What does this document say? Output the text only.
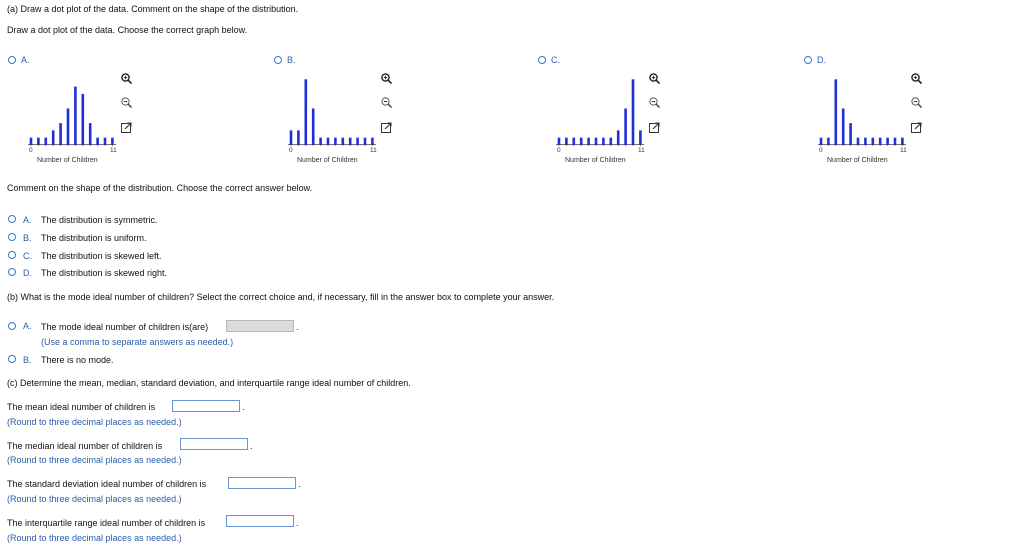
(a) Draw a dot plot of the data. Comment on the shape of the distribution.
Draw a dot plot of the data. Choose the correct graph below.
A.
0	11
Number of Children
B.
0	11
Number of Children
C.
0	11
Number of Children
D.
0	11
Number of Children
Comment on the shape of the distribution. Choose the correct answer below.
A. The distribution is symmetric.
B. The distribution is uniform.
C. The distribution is skewed left.
D. The distribution is skewed right.
(b) What is the mode ideal number of children? Select the correct choice and, if necessary, fill in the answer box to complete your answer.
A. The mode ideal number of children is(are)	.
(Use a comma to separate answers as needed.)
B. There is no mode.
(c) Determine the mean, median, standard deviation, and interquartile range ideal number of children.
The mean ideal number of children is	.
(Round to three decimal places as needed.)
The median ideal number of children is	.
(Round to three decimal places as needed.)
The standard deviation ideal number of children is	.
(Round to three decimal places as needed.)
The interquartile range ideal number of children is	.
(Round to three decimal places as needed.)
